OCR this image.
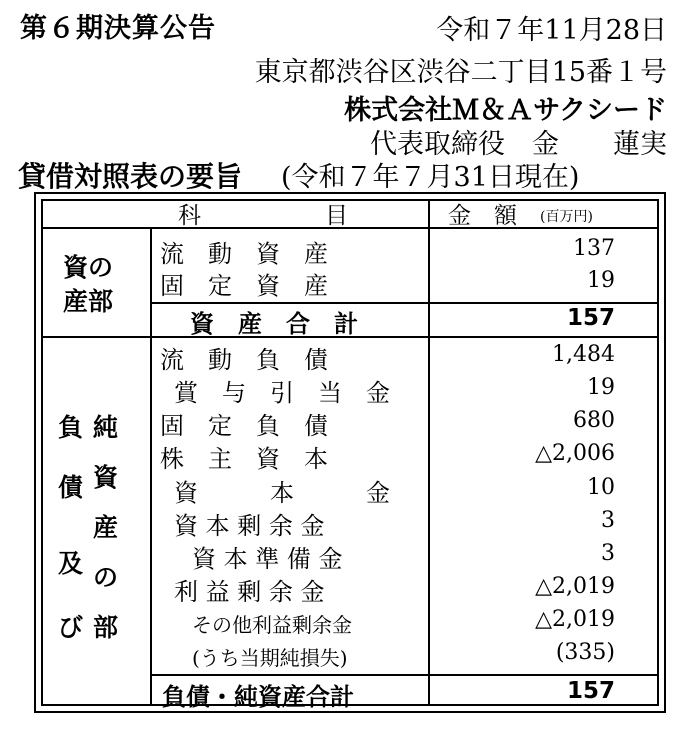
第６期決算公告	令和７年11月28日
東京都渋谷区渋谷二丁目15番１号
株式会社Ｍ＆Ａサクシード
代表取締役　金　　蓮実
貸借対照表の要旨 (令和７年７月31日現在)
科	目	金　額 (百万円)
資の
産部
流　動　資　産	137
固　定　資　産	19
資　産　合　計	157
負
債
及
び
純
資
産
の
部
流　動　負　債	1,484
賞　与　引　当　金	19
固　定　負　債	680
株　主　資　本	△2,006
資　　　本　　　金	10
資 本 剰 余 金	3
資 本 準 備 金	3
利 益 剰 余 金	△2,019
その他利益剰余金	△2,019
(うち当期純損失)	(335)
負債・純資産合計	157
